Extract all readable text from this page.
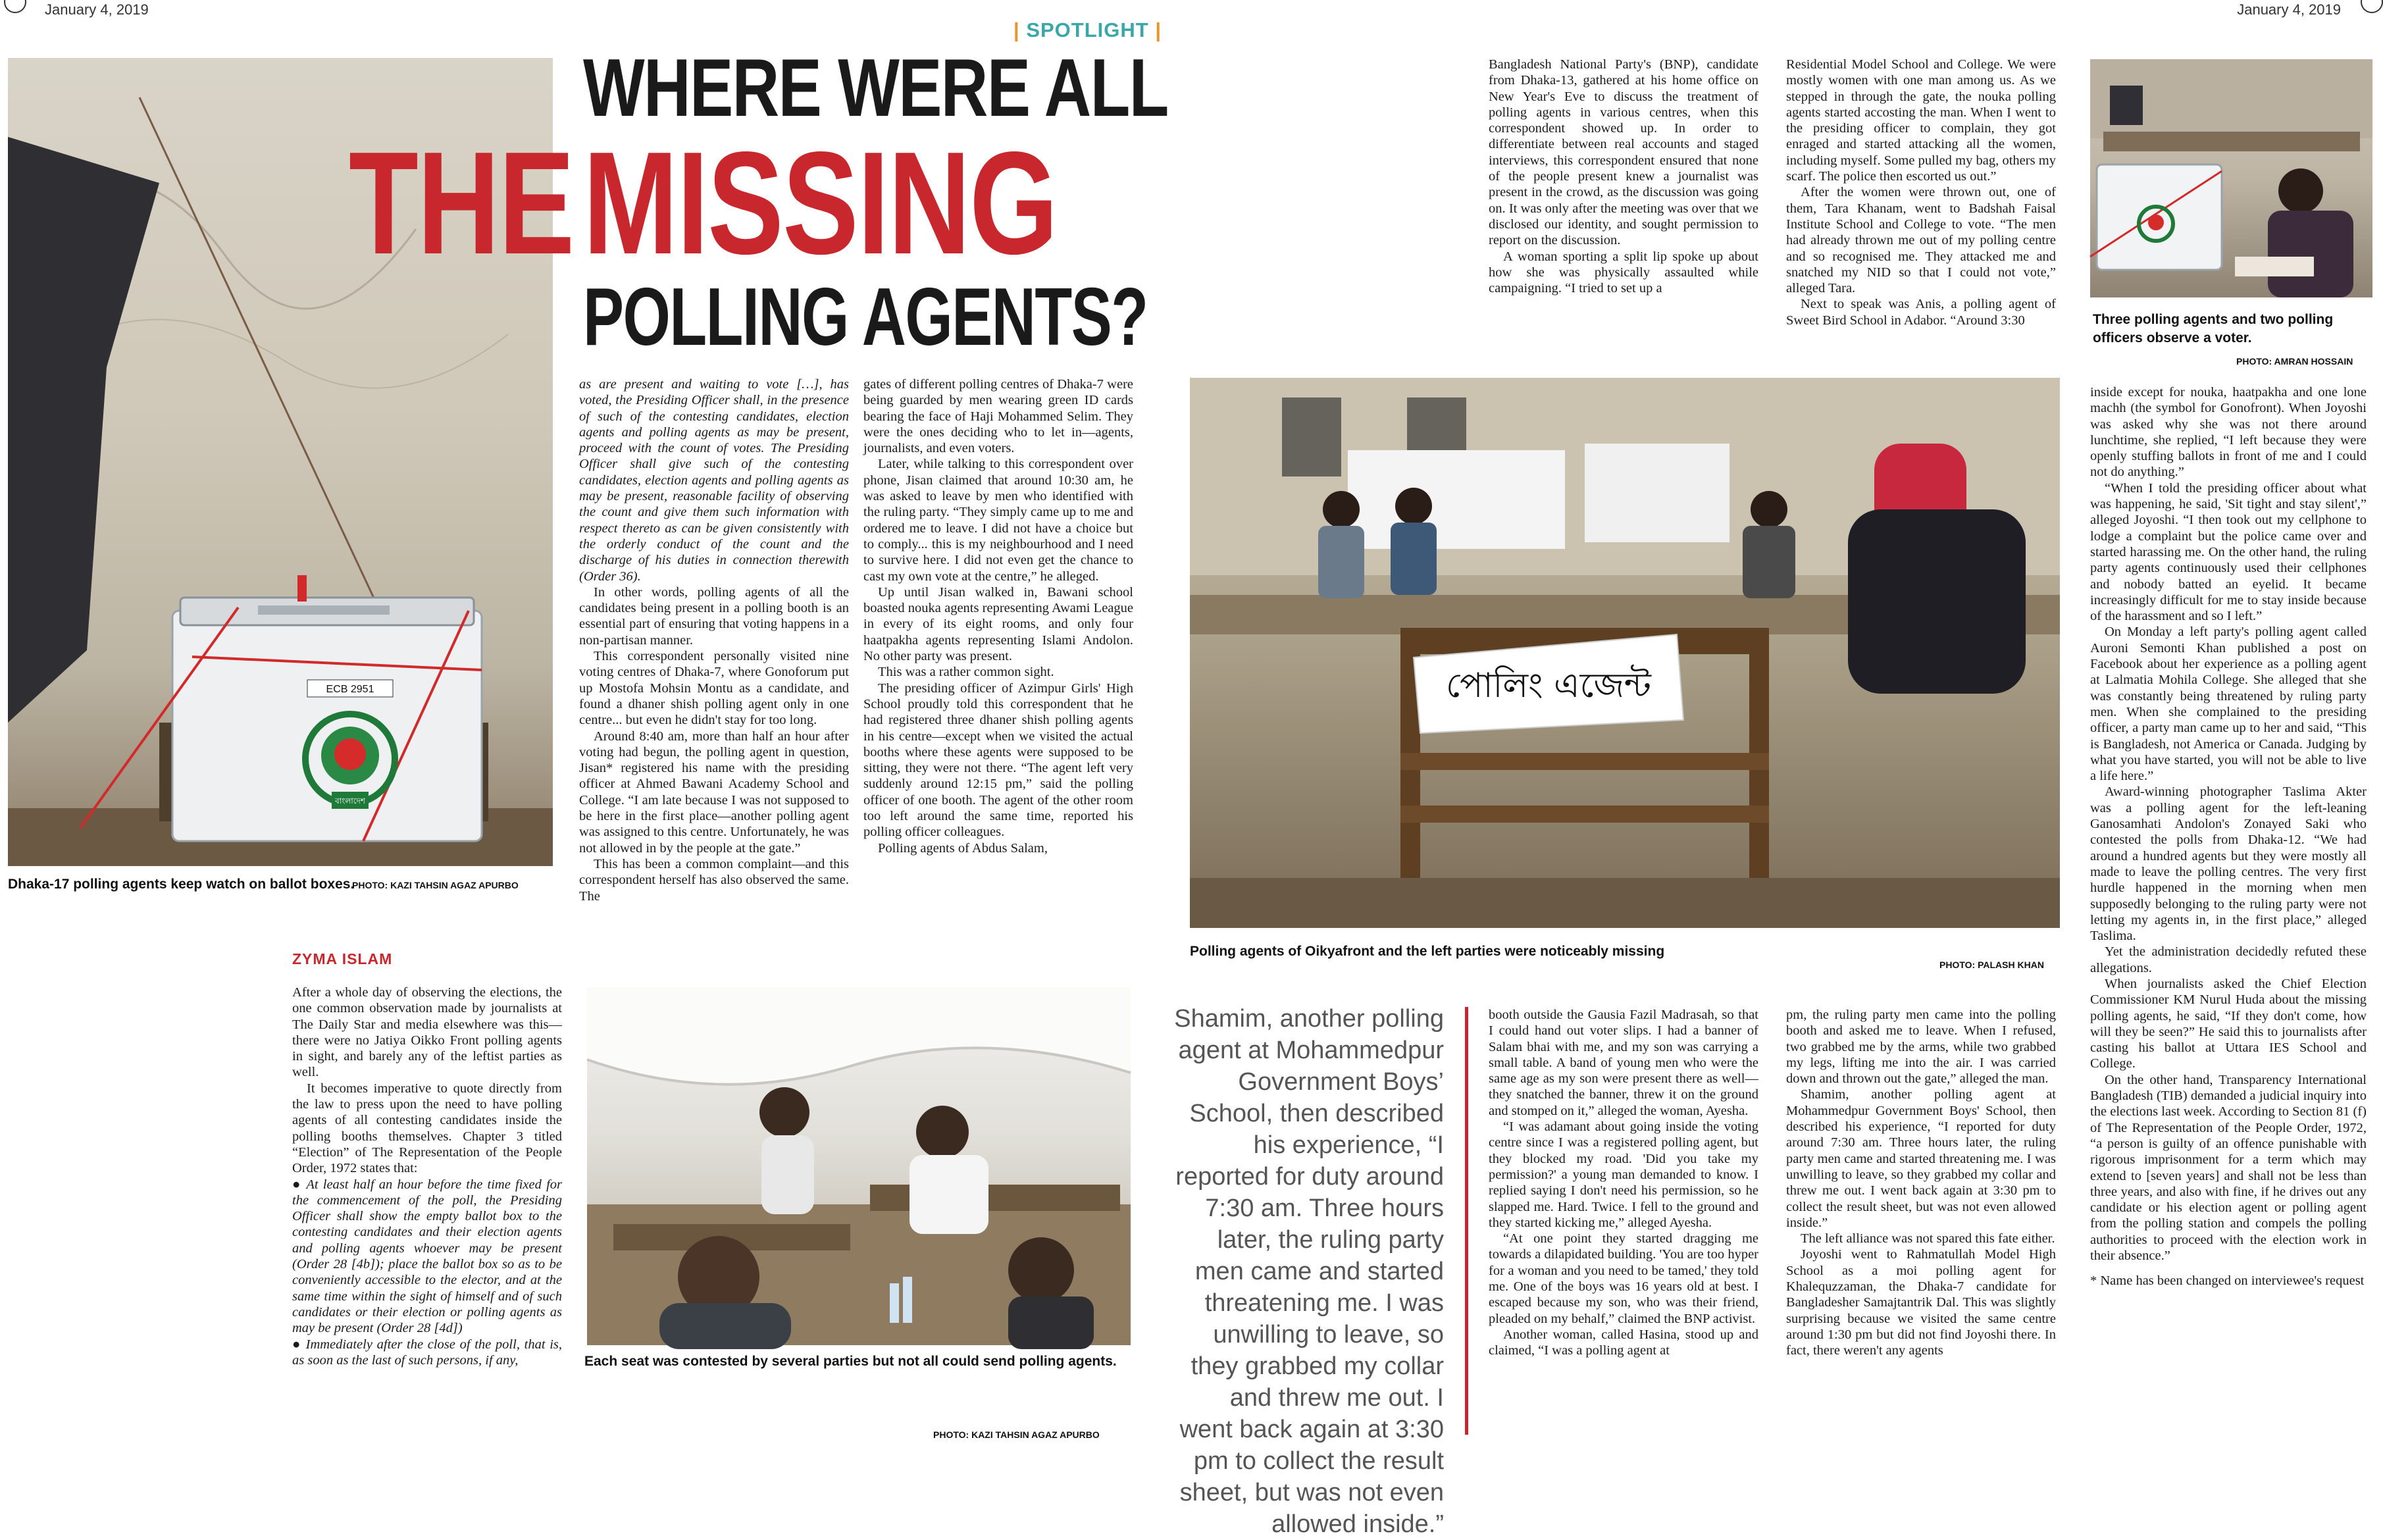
January 4, 2019	January 4, 2019
| SPOTLIGHT |
ECB 2951
বাংলাদেশ
Dhaka-17 polling agents keep watch on ballot boxes.
PHOTO: KAZI TAHSIN AGAZ APURBO
WHERE WERE ALL
THE MISSING
POLLING AGENTS?
ZYMA ISLAM

After a whole day of observing the elections, the one common observation made by journalists at The Daily Star and media elsewhere was this—there were no Jatiya Oikko Front polling agents in sight, and barely any of the leftist parties as well.

It becomes imperative to quote directly from the law to press upon the need to have polling agents of all contesting candidates inside the polling booths themselves. Chapter 3 titled “Election” of The Representation of the People Order, 1972 states that:

● At least half an hour before the time fixed for the commencement of the poll, the Presiding Officer shall show the empty ballot box to the contesting candidates and their election agents and polling agents whoever may be present (Order 28 [4b]); place the ballot box so as to be conveniently accessible to the elector, and at the same time within the sight of himself and of such candidates or their election or polling agents as may be present (Order 28 [4d])

● Immediately after the close of the poll, that is, as soon as the last of such persons, if any,

as are present and waiting to vote […], has voted, the Presiding Officer shall, in the presence of such of the contesting candidates, election agents and polling agents as may be present, proceed with the count of votes. The Presiding Officer shall give such of the contesting candidates, election agents and polling agents as may be present, reasonable facility of observing the count and give them such information with respect thereto as can be given consistently with the orderly conduct of the count and the discharge of his duties in connection therewith (Order 36).

In other words, polling agents of all the candidates being present in a polling booth is an essential part of ensuring that voting happens in a non-partisan manner.

This correspondent personally visited nine voting centres of Dhaka-7, where Gonoforum put up Mostofa Mohsin Montu as a candidate, and found a dhaner shish polling agent only in one centre... but even he didn't stay for too long.

Around 8:40 am, more than half an hour after voting had begun, the polling agent in question, Jisan* registered his name with the presiding officer at Ahmed Bawani Academy School and College. “I am late because I was not supposed to be here in the first place—another polling agent was assigned to this centre. Unfortunately, he was not allowed in by the people at the gate.”

This has been a common complaint—and this correspondent herself has also observed the same. The

gates of different polling centres of Dhaka-7 were being guarded by men wearing green ID cards bearing the face of Haji Mohammed Selim. They were the ones deciding who to let in—agents, journalists, and even voters.

Later, while talking to this correspondent over phone, Jisan claimed that around 10:30 am, he was asked to leave by men who identified with the ruling party. “They simply came up to me and ordered me to leave. I did not have a choice but to comply... this is my neighbourhood and I need to survive here. I did not even get the chance to cast my own vote at the centre,” he alleged.

Up until Jisan walked in, Bawani school boasted nouka agents representing Awami League in every of its eight rooms, and only four haatpakha agents representing Islami Andolon. No other party was present.

This was a rather common sight.

The presiding officer of Azimpur Girls' High School proudly told this correspondent that he had registered three dhaner shish polling agents in his centre—except when we visited the actual booths where these agents were supposed to be sitting, they were not there. “The agent left very suddenly around 12:15 pm,” said the polling officer of one booth. The agent of the other room too left around the same time, reported his polling officer colleagues.

Polling agents of Abdus Salam,

Each seat was contested by several parties but not all could send polling agents.
PHOTO: KAZI TAHSIN AGAZ APURBO

Bangladesh National Party's (BNP), candidate from Dhaka-13, gathered at his home office on New Year's Eve to discuss the treatment of polling agents in various centres, when this correspondent showed up. In order to differentiate between real accounts and staged interviews, this correspondent ensured that none of the people present knew a journalist was present in the crowd, as the discussion was going on. It was only after the meeting was over that we disclosed our identity, and sought permission to report on the discussion.

A woman sporting a split lip spoke up about how she was physically assaulted while campaigning. “I tried to set up a

Residential Model School and College. We were mostly women with one man among us. As we stepped in through the gate, the nouka polling agents started accosting the man. When I went to the presiding officer to complain, they got enraged and started attacking all the women, including myself. Some pulled my bag, others my scarf. The police then escorted us out.”

After the women were thrown out, one of them, Tara Khanam, went to Badshah Faisal Institute School and College to vote. “The men had already thrown me out of my polling centre and so recognised me. They attacked me and snatched my NID so that I could not vote,” alleged Tara.

Next to speak was Anis, a polling agent of Sweet Bird School in Adabor. “Around 3:30	Three polling agents and two polling officers observe a voter.
PHOTO: AMRAN HOSSAIN
পোলিং এজেন্ট
Polling agents of Oikyafront and the left parties were noticeably missing
PHOTO: PALASH KHAN
Shamim, another polling agent at Mohammedpur Government Boys’ School, then described his experience, “I reported for duty around 7:30 am. Three hours later, the ruling party men came and started threatening me. I was unwilling to leave, so they grabbed my collar and threw me out. I went back again at 3:30 pm to collect the result sheet, but was not even allowed inside.”

booth outside the Gausia Fazil Madrasah, so that I could hand out voter slips. I had a banner of Salam bhai with me, and my son was carrying a small table. A band of young men who were the same age as my son were present there as well—they snatched the banner, threw it on the ground and stomped on it,” alleged the woman, Ayesha.

“I was adamant about going inside the voting centre since I was a registered polling agent, but they blocked my road. 'Did you take my permission?' a young man demanded to know. I replied saying I don't need his permission, so he slapped me. Hard. Twice. I fell to the ground and they started kicking me,” alleged Ayesha.

“At one point they started dragging me towards a dilapidated building. 'You are too hyper for a woman and you need to be tamed,' they told me. One of the boys was 16 years old at best. I escaped because my son, who was their friend, pleaded on my behalf,” claimed the BNP activist.

Another woman, called Hasina, stood up and claimed, “I was a polling agent at

pm, the ruling party men came into the polling booth and asked me to leave. When I refused, two grabbed me by the arms, while two grabbed my legs, lifting me into the air. I was carried down and thrown out the gate,” alleged the man.

Shamim, another polling agent at Mohammedpur Government Boys' School, then described his experience, “I reported for duty around 7:30 am. Three hours later, the ruling party men came and started threatening me. I was unwilling to leave, so they grabbed my collar and threw me out. I went back again at 3:30 pm to collect the result sheet, but was not even allowed inside.”

The left alliance was not spared this fate either.

Joyoshi went to Rahmatullah Model High School as a moi polling agent for Khalequzzaman, the Dhaka-7 candidate for Bangladesher Samajtantrik Dal. This was slightly surprising because we visited the same centre around 1:30 pm but did not find Joyoshi there. In fact, there weren't any agents

inside except for nouka, haatpakha and one lone machh (the symbol for Gonofront). When Joyoshi was asked why she was not there around lunchtime, she replied, “I left because they were openly stuffing ballots in front of me and I could not do anything.”

“When I told the presiding officer about what was happening, he said, 'Sit tight and stay silent',” alleged Joyoshi. “I then took out my cellphone to lodge a complaint but the police came over and started harassing me. On the other hand, the ruling party agents continuously used their cellphones and nobody batted an eyelid. It became increasingly difficult for me to stay inside because of the harassment and so I left.”

On Monday a left party's polling agent called Auroni Semonti Khan published a post on Facebook about her experience as a polling agent at Lalmatia Mohila College. She alleged that she was constantly being threatened by ruling party men. When she complained to the presiding officer, a party man came up to her and said, “This is Bangladesh, not America or Canada. Judging by what you have started, you will not be able to live a life here.”

Award-winning photographer Taslima Akter was a polling agent for the left-leaning Ganosamhati Andolon's Zonayed Saki who contested the polls from Dhaka-12. “We had around a hundred agents but they were mostly all made to leave the polling centres. The very first hurdle happened in the morning when men supposedly belonging to the ruling party were not letting my agents in, in the first place,” alleged Taslima.

Yet the administration decidedly refuted these allegations.

When journalists asked the Chief Election Commissioner KM Nurul Huda about the missing polling agents, he said, “If they don't come, how will they be seen?” He said this to journalists after casting his ballot at Uttara IES School and College.

On the other hand, Transparency International Bangladesh (TIB) demanded a judicial inquiry into the elections last week. According to Section 81 (f) of The Representation of the People Order, 1972, “a person is guilty of an offence punishable with rigorous imprisonment for a term which may extend to [seven years] and shall not be less than three years, and also with fine, if he drives out any candidate or his election agent or polling agent from the polling station and compels the polling authorities to proceed with the election work in their absence.”

* Name has been changed on interviewee's request
